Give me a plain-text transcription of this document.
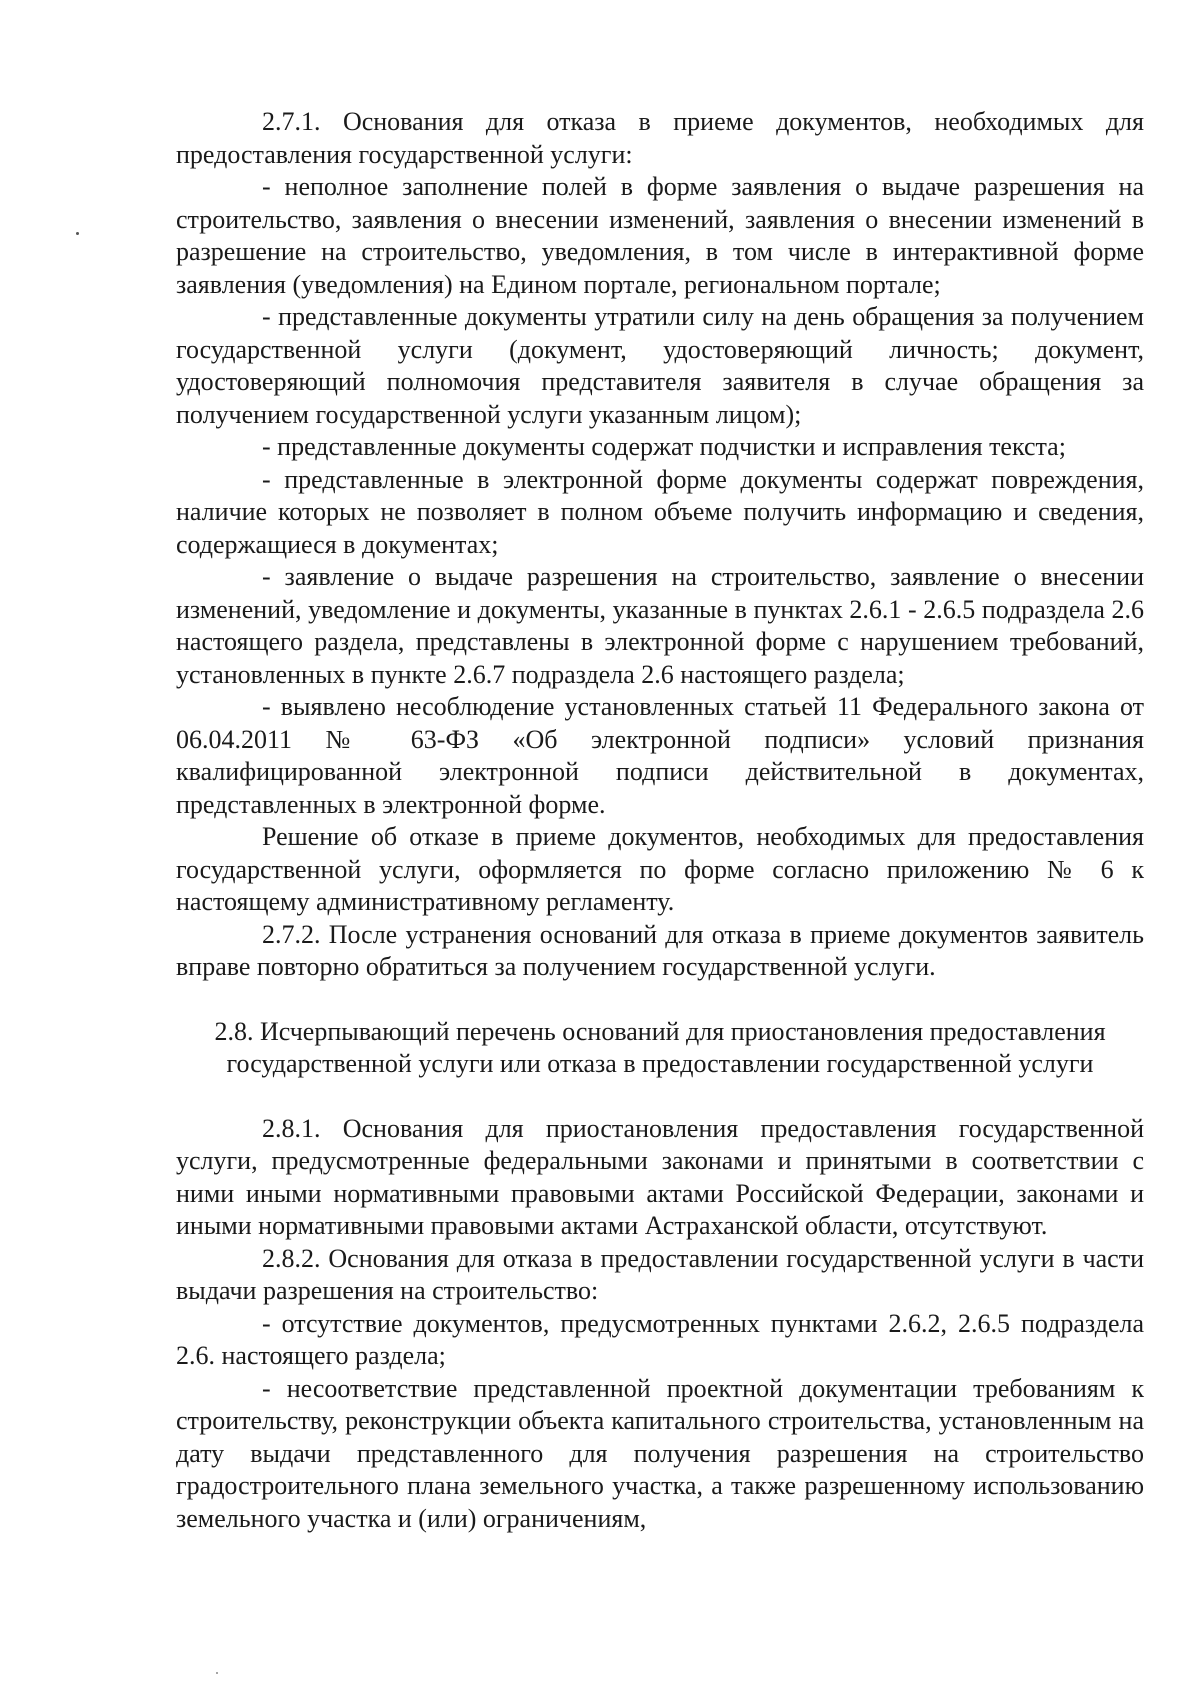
2.7.1. Основания для отказа в приеме документов, необходимых для предоставления государственной услуги:

- неполное заполнение полей в форме заявления о выдаче разрешения на строительство, заявления о внесении изменений, заявления о внесении изменений в разрешение на строительство, уведомления, в том числе в интерактивной форме заявления (уведомления) на Едином портале, региональном портале;

- представленные документы утратили силу на день обращения за получением государственной услуги (документ, удостоверяющий личность; документ, удостоверяющий полномочия представителя заявителя в случае обращения за получением государственной услуги указанным лицом);

- представленные документы содержат подчистки и исправления текста;

- представленные в электронной форме документы содержат повреждения, наличие которых не позволяет в полном объеме получить информацию и сведения, содержащиеся в документах;

- заявление о выдаче разрешения на строительство, заявление о внесении изменений, уведомление и документы, указанные в пунктах 2.6.1 - 2.6.5 подраздела 2.6 настоящего раздела, представлены в электронной форме с нарушением требований, установленных в пункте 2.6.7 подраздела 2.6 настоящего раздела;

- выявлено несоблюдение установленных статьей 11 Федерального закона от 06.04.2011 № 63-ФЗ «Об электронной подписи» условий признания квалифицированной электронной подписи действительной в документах, представленных в электронной форме.

Решение об отказе в приеме документов, необходимых для предоставления государственной услуги, оформляется по форме согласно приложению № 6 к настоящему административному регламенту.

2.7.2. После устранения оснований для отказа в приеме документов заявитель вправе повторно обратиться за получением государственной услуги.

2.8. Исчерпывающий перечень оснований для приостановления предоставления

государственной услуги или отказа в предоставлении государственной услуги

2.8.1. Основания для приостановления предоставления государственной услуги, предусмотренные федеральными законами и принятыми в соответствии с ними иными нормативными правовыми актами Российской Федерации, законами и иными нормативными правовыми актами Астраханской области, отсутствуют.

2.8.2. Основания для отказа в предоставлении государственной услуги в части выдачи разрешения на строительство:

- отсутствие документов, предусмотренных пунктами 2.6.2, 2.6.5 подраздела 2.6. настоящего раздела;

- несоответствие представленной проектной документации требованиям к строительству, реконструкции объекта капитального строительства, установленным на дату выдачи представленного для получения разрешения на строительство градостроительного плана земельного участка, а также разрешенному использованию земельного участка и (или) ограничениям,
